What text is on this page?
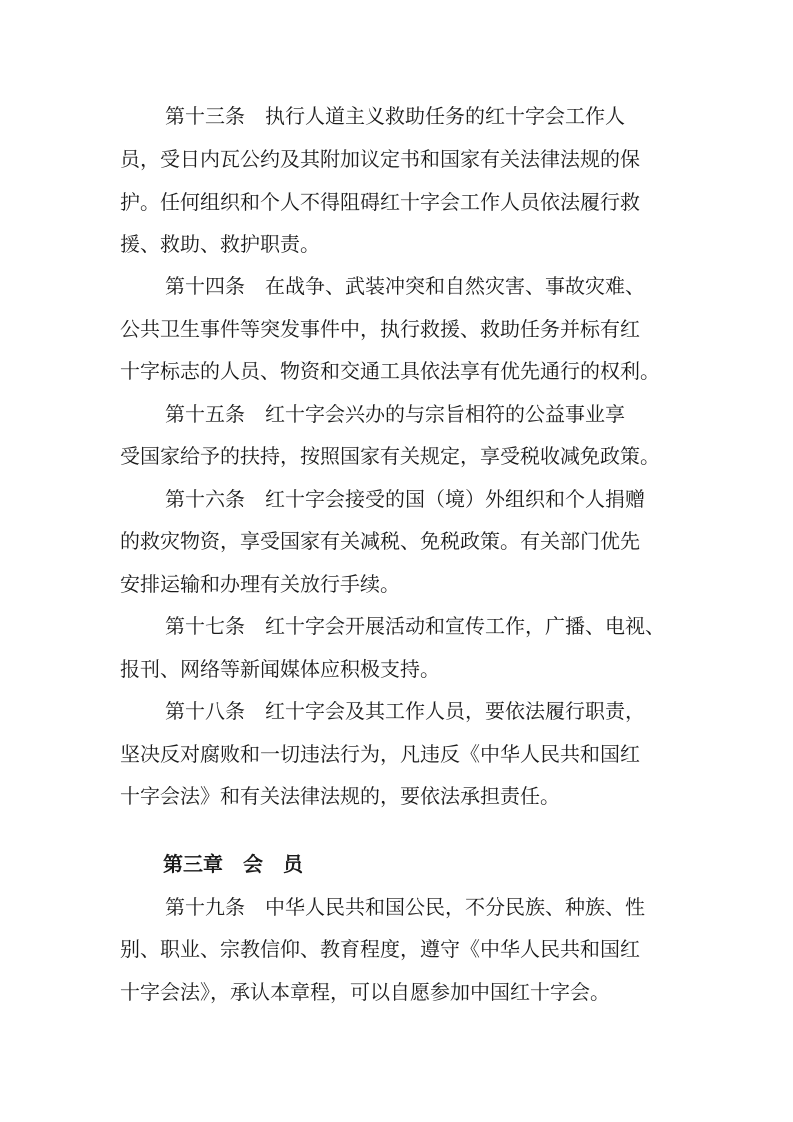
第十三条　执行人道主义救助任务的红十字会工作人
员，受日内瓦公约及其附加议定书和国家有关法律法规的保
护。任何组织和个人不得阻碍红十字会工作人员依法履行救
援、救助、救护职责。
第十四条　在战争、武装冲突和自然灾害、事故灾难、
公共卫生事件等突发事件中，执行救援、救助任务并标有红
十字标志的人员、物资和交通工具依法享有优先通行的权利。
第十五条　红十字会兴办的与宗旨相符的公益事业享
受国家给予的扶持，按照国家有关规定，享受税收减免政策。
第十六条　红十字会接受的国（境）外组织和个人捐赠
的救灾物资，享受国家有关减税、免税政策。有关部门优先
安排运输和办理有关放行手续。
第十七条　红十字会开展活动和宣传工作，广播、电视、
报刊、网络等新闻媒体应积极支持。
第十八条　红十字会及其工作人员，要依法履行职责，
坚决反对腐败和一切违法行为，凡违反《中华人民共和国红
十字会法》和有关法律法规的，要依法承担责任。
第三章　会　员
第十九条　中华人民共和国公民，不分民族、种族、性
别、职业、宗教信仰、教育程度，遵守《中华人民共和国红
十字会法》，承认本章程，可以自愿参加中国红十字会。
